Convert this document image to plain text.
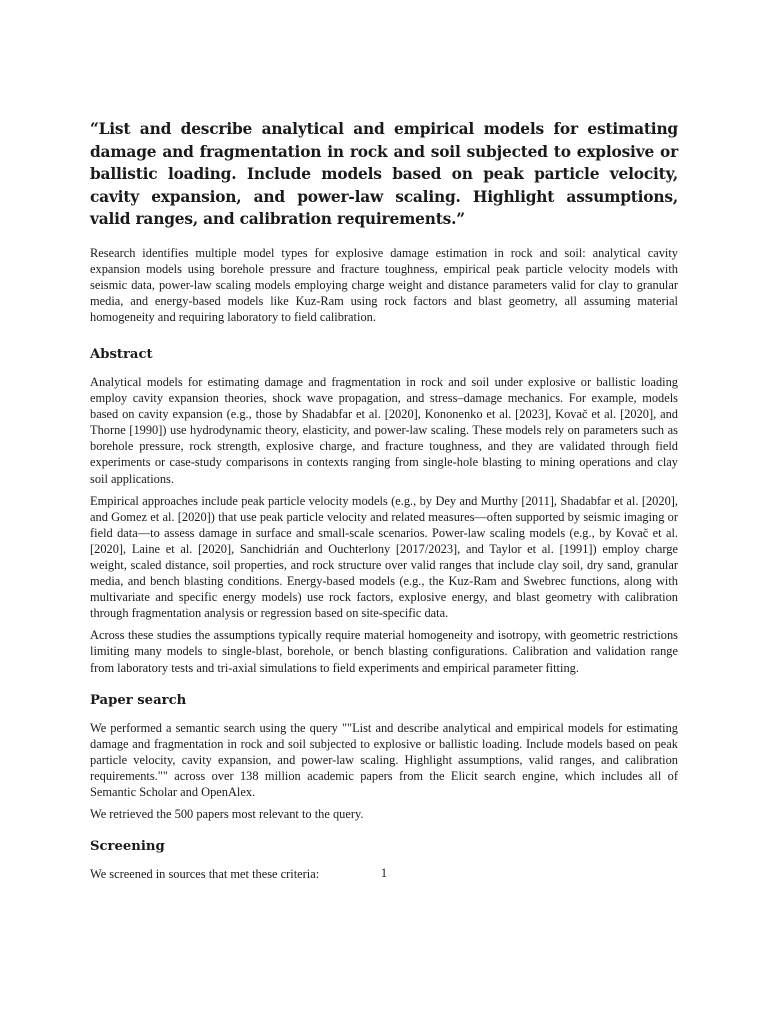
“List and describe analytical and empirical models for estimating damage and fragmentation in rock and soil subjected to explosive or ballistic loading. Include models based on peak particle velocity, cavity expansion, and power-law scaling. Highlight assumptions, valid ranges, and calibration requirements.”

Research identifies multiple model types for explosive damage estimation in rock and soil: analytical cavity expansion models using borehole pressure and fracture toughness, empirical peak particle velocity models with seismic data, power-law scaling models employing charge weight and distance parameters valid for clay to granular media, and energy-based models like Kuz-Ram using rock factors and blast geometry, all assuming material homogeneity and requiring laboratory to field calibration.

Abstract

Analytical models for estimating damage and fragmentation in rock and soil under explosive or ballistic loading employ cavity expansion theories, shock wave propagation, and stress–damage mechanics. For example, models based on cavity expansion (e.g., those by Shadabfar et al. [2020], Kononenko et al. [2023], Kovač et al. [2020], and Thorne [1990]) use hydrodynamic theory, elasticity, and power-law scaling. These models rely on parameters such as borehole pressure, rock strength, explosive charge, and fracture toughness, and they are validated through field experiments or case-study comparisons in contexts ranging from single-hole blasting to mining operations and clay soil applications.

Empirical approaches include peak particle velocity models (e.g., by Dey and Murthy [2011], Shadabfar et al. [2020], and Gomez et al. [2020]) that use peak particle velocity and related measures—often supported by seismic imaging or field data—to assess damage in surface and small-scale scenarios. Power-law scaling models (e.g., by Kovač et al. [2020], Laine et al. [2020], Sanchidrián and Ouchterlony [2017/2023], and Taylor et al. [1991]) employ charge weight, scaled distance, soil properties, and rock structure over valid ranges that include clay soil, dry sand, granular media, and bench blasting conditions. Energy-based models (e.g., the Kuz-Ram and Swebrec functions, along with multivariate and specific energy models) use rock factors, explosive energy, and blast geometry with calibration through fragmentation analysis or regression based on site-specific data.

Across these studies the assumptions typically require material homogeneity and isotropy, with geometric restrictions limiting many models to single-blast, borehole, or bench blasting configurations. Calibration and validation range from laboratory tests and tri-axial simulations to field experiments and empirical parameter fitting.

Paper search

We performed a semantic search using the query ""List and describe analytical and empirical models for estimating damage and fragmentation in rock and soil subjected to explosive or ballistic loading. Include models based on peak particle velocity, cavity expansion, and power-law scaling. Highlight assumptions, valid ranges, and calibration requirements."" across over 138 million academic papers from the Elicit search engine, which includes all of Semantic Scholar and OpenAlex.

We retrieved the 500 papers most relevant to the query.

Screening

We screened in sources that met these criteria:	1
